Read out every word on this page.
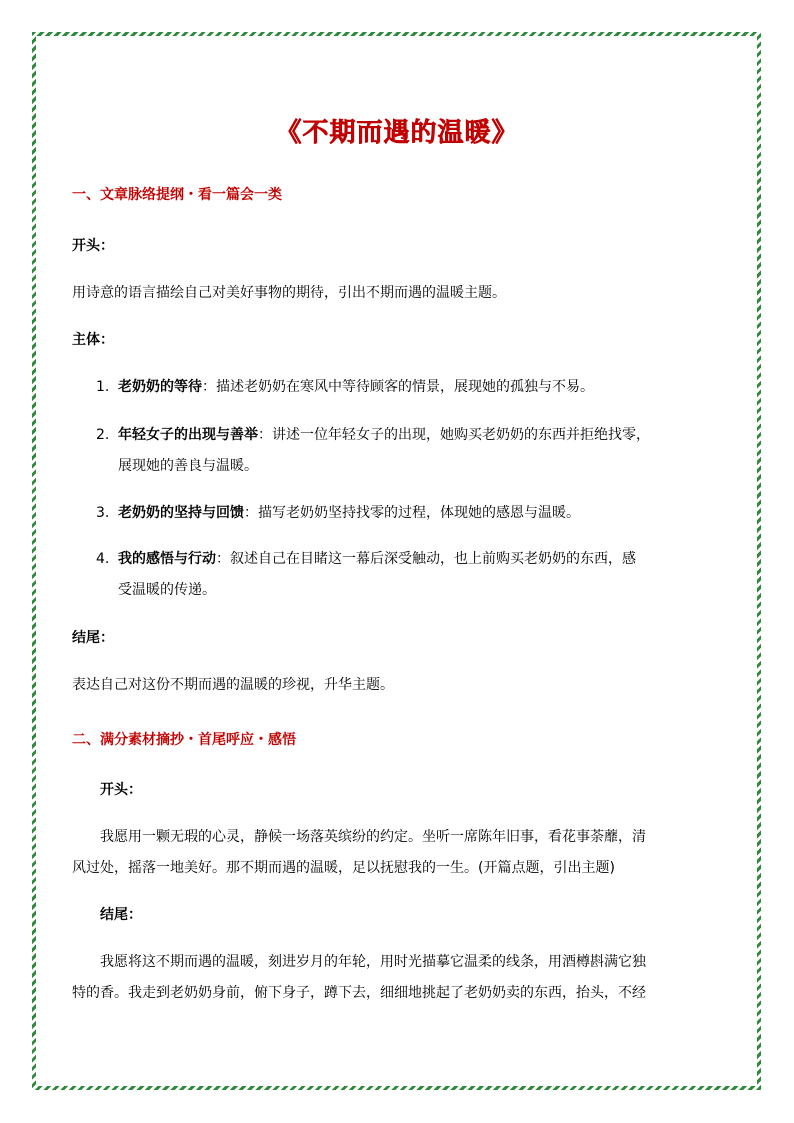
《不期而遇的温暖》
一、文章脉络提纲・看一篇会一类
开头：
用诗意的语言描绘自己对美好事物的期待，引出不期而遇的温暖主题。
主体：
1. 老奶奶的等待：描述老奶奶在寒风中等待顾客的情景，展现她的孤独与不易。
2. 年轻女子的出现与善举：讲述一位年轻女子的出现，她购买老奶奶的东西并拒绝找零，
展现她的善良与温暖。
3. 老奶奶的坚持与回馈：描写老奶奶坚持找零的过程，体现她的感恩与温暖。
4. 我的感悟与行动：叙述自己在目睹这一幕后深受触动，也上前购买老奶奶的东西，感
受温暖的传递。
结尾：
表达自己对这份不期而遇的温暖的珍视，升华主题。
二、满分素材摘抄・首尾呼应・感悟
开头：
我愿用一颗无瑕的心灵，静候一场落英缤纷的约定。坐听一席陈年旧事，看花事荼蘼，清
风过处，摇落一地美好。那不期而遇的温暖，足以抚慰我的一生。(开篇点题，引出主题)
结尾：
我愿将这不期而遇的温暖，刻进岁月的年轮，用时光描摹它温柔的线条，用酒樽斟满它独
特的香。我走到老奶奶身前，俯下身子，蹲下去，细细地挑起了老奶奶卖的东西，抬头，不经
